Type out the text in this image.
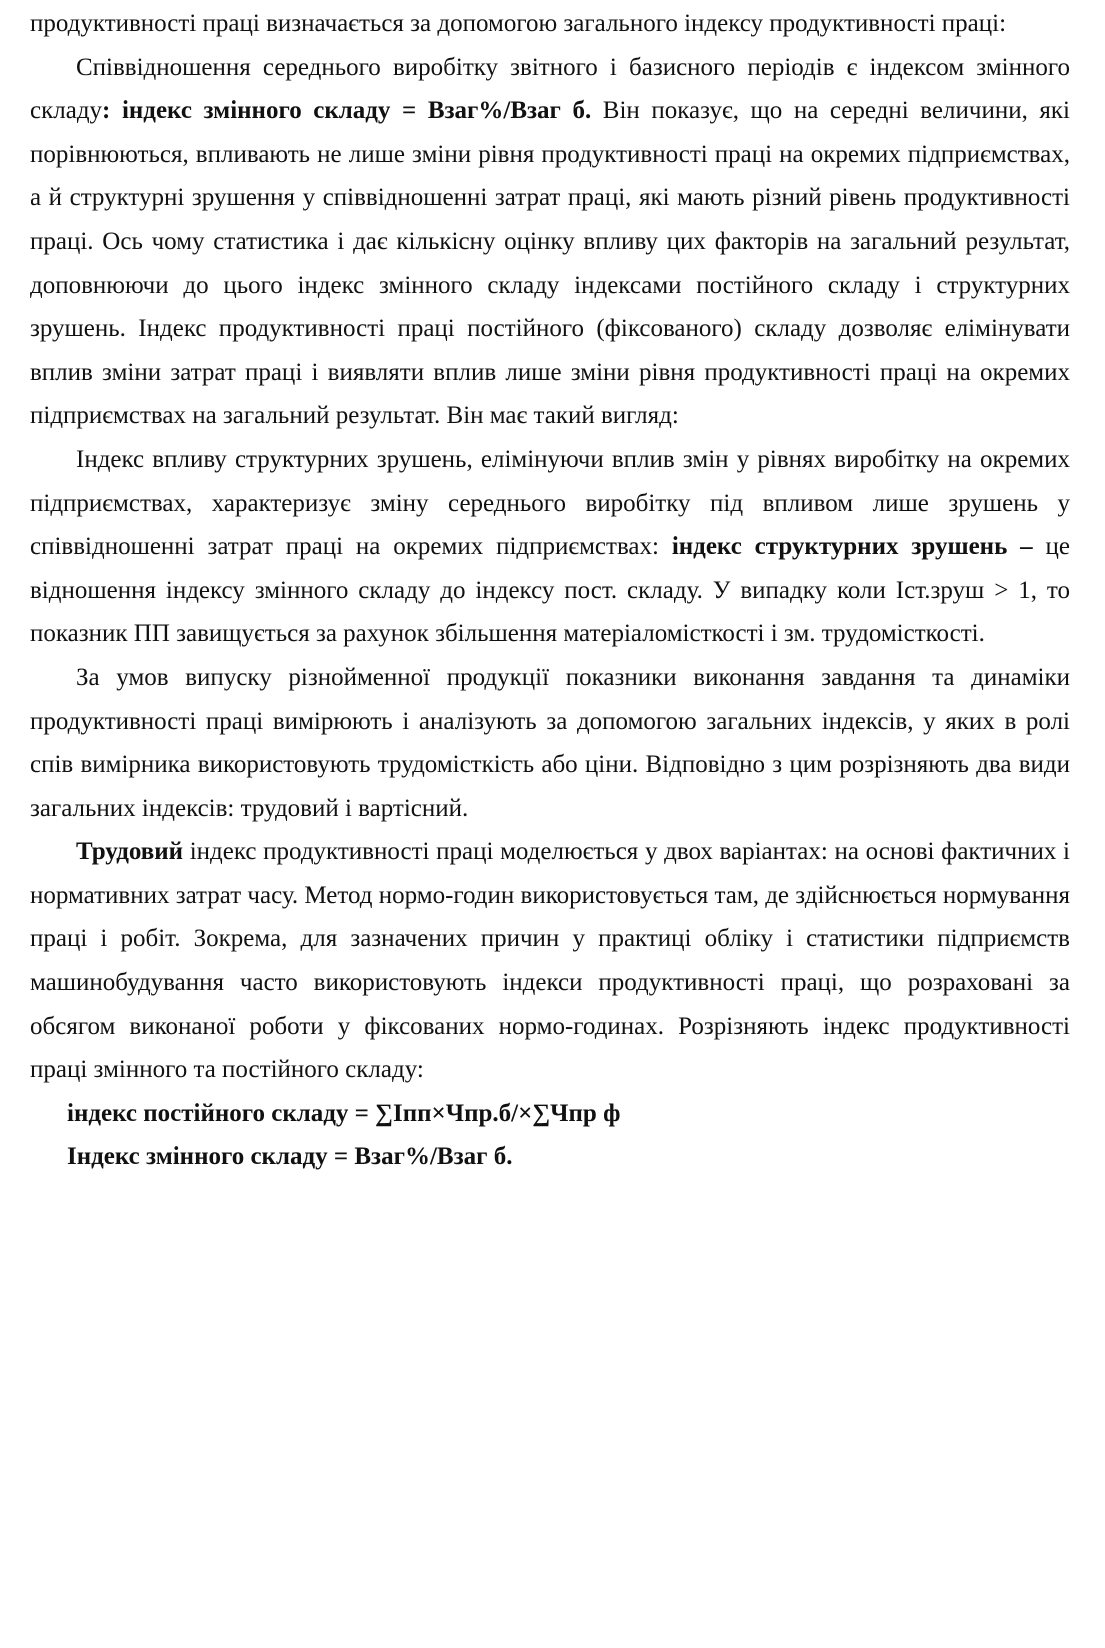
продуктивності праці визначається за допомогою загального індексу продуктивності праці:

Співвідношення середнього виробітку звітного і базисного періодів є індексом змінного складу: індекс змінного складу = Взаг%/Взаг б. Він показує, що на середні величини, які порівнюються, впливають не лише зміни рівня продуктивності праці на окремих підприємствах, а й структурні зрушення у співвідношенні затрат праці, які мають різний рівень продуктивності праці. Ось чому статистика і дає кількісну оцінку впливу цих факторів на загальний результат, доповнюючи до цього індекс змінного складу індексами постійного складу і структурних зрушень. Індекс продуктивності праці постійного (фіксованого) складу дозволяє елімінувати вплив зміни затрат праці і виявляти вплив лише зміни рівня продуктивності праці на окремих підприємствах на загальний результат. Він має такий вигляд:

Індекс впливу структурних зрушень, елімінуючи вплив змін у рівнях виробітку на окремих підприємствах, характеризує зміну середнього виробітку під впливом лише зрушень у співвідношенні затрат праці на окремих підприємствах: індекс структурних зрушень – це відношення індексу змінного складу до індексу пост. складу. У випадку коли Іст.зруш > 1, то показник ПП завищується за рахунок збільшення матеріаломісткості і зм. трудомісткості.

За умов випуску різнойменної продукції показники виконання завдання та динаміки продуктивності праці вимірюють і аналізують за допомогою загальних індексів, у яких в ролі спів вимірника використовують трудомісткість або ціни. Відповідно з цим розрізняють два види загальних індексів: трудовий і вартісний.

Трудовий індекс продуктивності праці моделюється у двох варіантах: на основі фактичних і нормативних затрат часу. Метод нормо-годин використовується там, де здійснюється нормування праці і робіт. Зокрема, для зазначених причин у практиці обліку і статистики підприємств машинобудування часто використовують індекси продуктивності праці, що розраховані за обсягом виконаної роботи у фіксованих нормо-годинах. Розрізняють індекс продуктивності праці змінного та постійного складу:

індекс постійного складу = ∑Іпп×Чпр.б/×∑Чпр ф
Індекс змінного складу = Взаг%/Взаг б.
